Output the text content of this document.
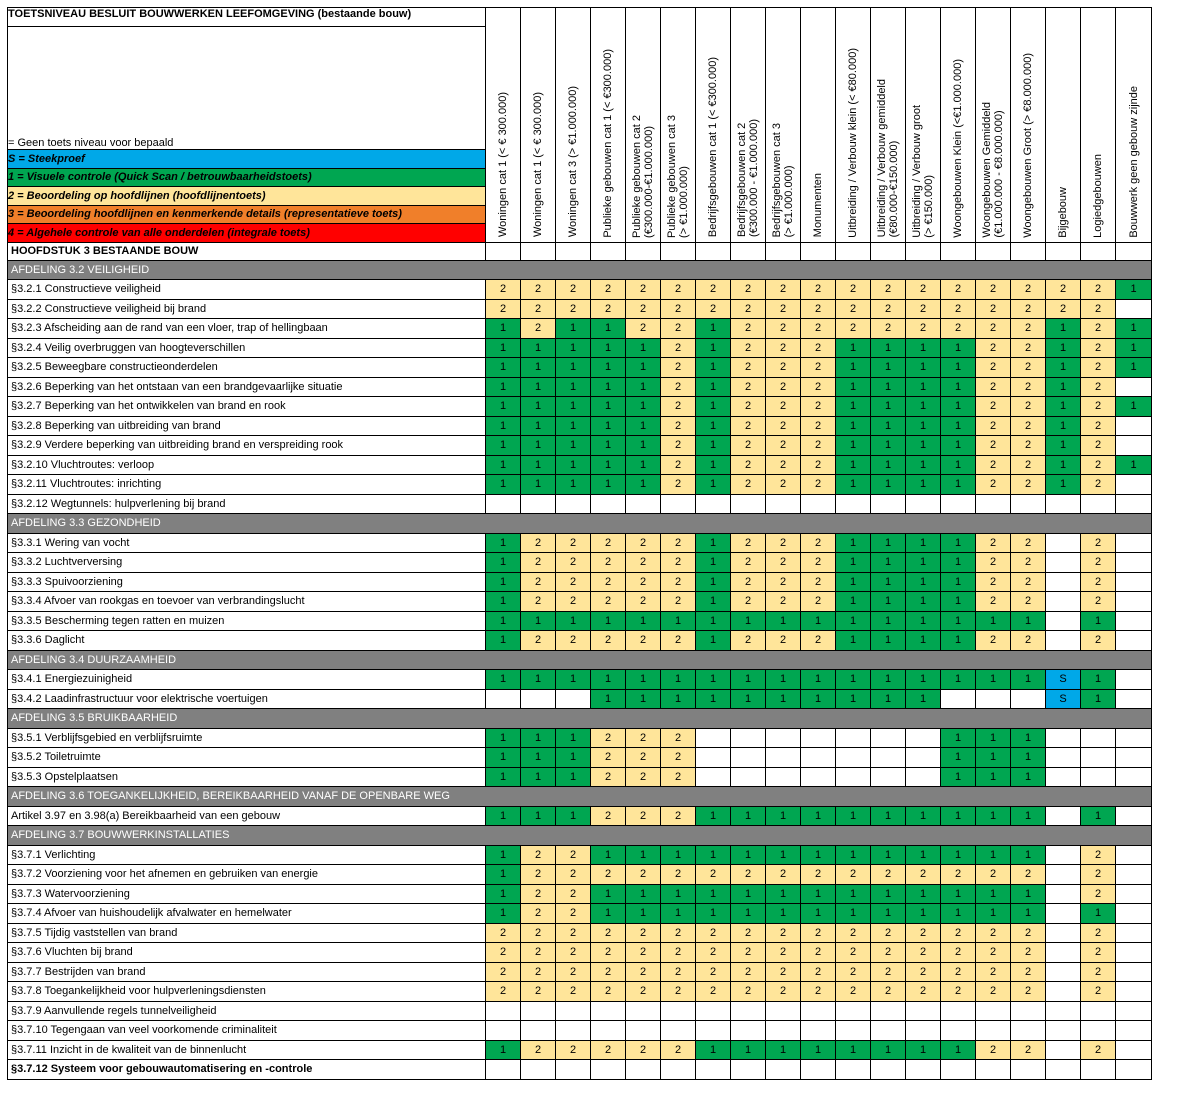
TOETSNIVEAU BESLUIT BOUWWERKEN LEEFOMGEVING (bestaande bouw)	Woningen cat 1 (< € 300.000)	Woningen cat 1 (< € 300.000)	Woningen cat 3 (> €1.000.000)	Publieke gebouwen cat 1 (< €300.000)	Publieke gebouwen cat 2
(€300.000-€1.000.000)	Publieke gebouwen cat 3
(> €1.000.000)	Bedrijfsgebouwen cat 1 (< €300.000)	Bedrijfsgebouwen cat 2
(€300.000 - €1.000.000)	Bedrijfsgebouwen cat 3
(> €1.000.000)	Monumenten	Uitbreiding / Verbouw klein (< €80.000)	Uitbreiding / Verbouw gemiddeld
(€80.000-€150.000)	Uitbreiding / Verbouw groot
(> €150.000)	Woongebouwen Klein (<€1.000.000)	Woongebouwen Gemiddeld
(€1.000.000 - €8.000.000)	Woongebouwen Groot (> €8.000.000)	Bijgebouw	Logiedgebouwen	Bouwwerk geen gebouw zijnde

= Geen toets niveau voor bepaald																			
S = Steekproef																			
1 = Visuele controle (Quick Scan / betrouwbaarheidstoets)																			
2 = Beoordeling op hoofdlijnen (hoofdlijnentoets)																			
3 = Beoordeling hoofdlijnen en kenmerkende details (representatieve toets)																			
4 = Algehele controle van alle onderdelen (integrale toets)																			
HOOFDSTUK 3 BESTAANDE BOUW																			
AFDELING 3.2 VEILIGHEID																			
§3.2.1 Constructieve veiligheid	2	2	2	2	2	2	2	2	2	2	2	2	2	2	2	2	2	2	1
§3.2.2 Constructieve veiligheid bij brand	2	2	2	2	2	2	2	2	2	2	2	2	2	2	2	2	2	2	
§3.2.3 Afscheiding aan de rand van een vloer, trap of hellingbaan	1	2	1	1	2	2	1	2	2	2	2	2	2	2	2	2	1	2	1
§3.2.4 Veilig overbruggen van hoogteverschillen	1	1	1	1	1	2	1	2	2	2	1	1	1	1	2	2	1	2	1
§3.2.5 Beweegbare constructieonderdelen	1	1	1	1	1	2	1	2	2	2	1	1	1	1	2	2	1	2	1
§3.2.6 Beperking van het ontstaan van een brandgevaarlijke situatie	1	1	1	1	1	2	1	2	2	2	1	1	1	1	2	2	1	2	
§3.2.7 Beperking van het ontwikkelen van brand en rook	1	1	1	1	1	2	1	2	2	2	1	1	1	1	2	2	1	2	1
§3.2.8 Beperking van uitbreiding van brand	1	1	1	1	1	2	1	2	2	2	1	1	1	1	2	2	1	2	
§3.2.9 Verdere beperking van uitbreiding brand en verspreiding rook	1	1	1	1	1	2	1	2	2	2	1	1	1	1	2	2	1	2	
§3.2.10 Vluchtroutes: verloop	1	1	1	1	1	2	1	2	2	2	1	1	1	1	2	2	1	2	1
§3.2.11 Vluchtroutes: inrichting	1	1	1	1	1	2	1	2	2	2	1	1	1	1	2	2	1	2	
§3.2.12 Wegtunnels: hulpverlening bij brand																			
AFDELING 3.3 GEZONDHEID																			
§3.3.1 Wering van vocht	1	2	2	2	2	2	1	2	2	2	1	1	1	1	2	2		2	
§3.3.2 Luchtverversing	1	2	2	2	2	2	1	2	2	2	1	1	1	1	2	2		2	
§3.3.3 Spuivoorziening	1	2	2	2	2	2	1	2	2	2	1	1	1	1	2	2		2	
§3.3.4 Afvoer van rookgas en toevoer van verbrandingslucht	1	2	2	2	2	2	1	2	2	2	1	1	1	1	2	2		2	
§3.3.5 Bescherming tegen ratten en muizen	1	1	1	1	1	1	1	1	1	1	1	1	1	1	1	1		1	
§3.3.6 Daglicht	1	2	2	2	2	2	1	2	2	2	1	1	1	1	2	2		2	
AFDELING 3.4 DUURZAAMHEID																			
§3.4.1 Energiezuinigheid	1	1	1	1	1	1	1	1	1	1	1	1	1	1	1	1	S	1	
§3.4.2 Laadinfrastructuur voor elektrische voertuigen				1	1	1	1	1	1	1	1	1	1				S	1	
AFDELING 3.5 BRUIKBAARHEID																			
§3.5.1 Verblijfsgebied en verblijfsruimte	1	1	1	2	2	2								1	1	1			
§3.5.2 Toiletruimte	1	1	1	2	2	2								1	1	1			
§3.5.3 Opstelplaatsen	1	1	1	2	2	2								1	1	1			
AFDELING 3.6 TOEGANKELIJKHEID, BEREIKBAARHEID VANAF DE OPENBARE WEG																			
Artikel 3.97 en 3.98(a) Bereikbaarheid van een gebouw	1	1	1	2	2	2	1	1	1	1	1	1	1	1	1	1		1	
AFDELING 3.7 BOUWWERKINSTALLATIES																			
§3.7.1 Verlichting	1	2	2	1	1	1	1	1	1	1	1	1	1	1	1	1		2	
§3.7.2 Voorziening voor het afnemen en gebruiken van energie	1	2	2	2	2	2	2	2	2	2	2	2	2	2	2	2		2	
§3.7.3 Watervoorziening	1	2	2	1	1	1	1	1	1	1	1	1	1	1	1	1		2	
§3.7.4 Afvoer van huishoudelijk afvalwater en hemelwater	1	2	2	1	1	1	1	1	1	1	1	1	1	1	1	1		1	
§3.7.5 Tijdig vaststellen van brand	2	2	2	2	2	2	2	2	2	2	2	2	2	2	2	2		2	
§3.7.6 Vluchten bij brand	2	2	2	2	2	2	2	2	2	2	2	2	2	2	2	2		2	
§3.7.7 Bestrijden van brand	2	2	2	2	2	2	2	2	2	2	2	2	2	2	2	2		2	
§3.7.8 Toegankelijkheid voor hulpverleningsdiensten	2	2	2	2	2	2	2	2	2	2	2	2	2	2	2	2		2	
§3.7.9 Aanvullende regels tunnelveiligheid																			
§3.7.10 Tegengaan van veel voorkomende criminaliteit																			
§3.7.11 Inzicht in de kwaliteit van de binnenlucht	1	2	2	2	2	2	1	1	1	1	1	1	1	1	2	2		2	
§3.7.12 Systeem voor gebouwautomatisering en -controle																			
